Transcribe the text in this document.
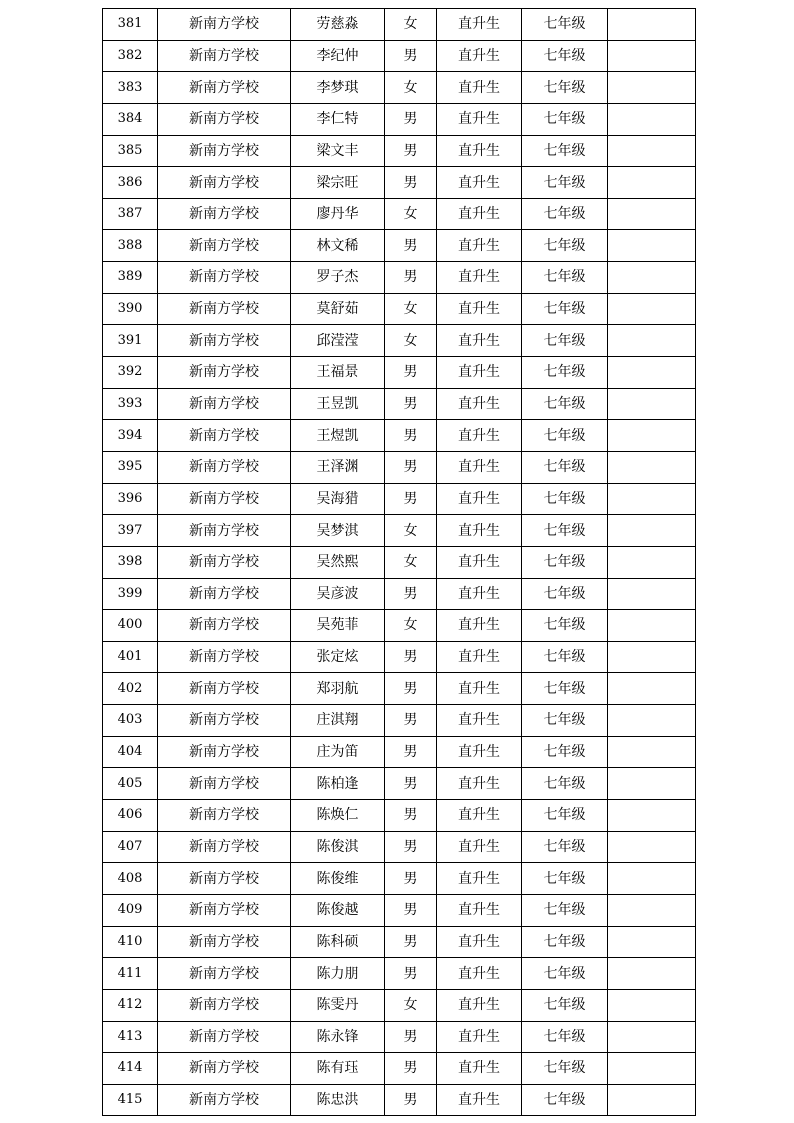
381	新南方学校	劳慈淼	女	直升生	七年级	
382	新南方学校	李纪仲	男	直升生	七年级	
383	新南方学校	李梦琪	女	直升生	七年级	
384	新南方学校	李仁特	男	直升生	七年级	
385	新南方学校	梁文丰	男	直升生	七年级	
386	新南方学校	梁宗旺	男	直升生	七年级	
387	新南方学校	廖丹华	女	直升生	七年级	
388	新南方学校	林文稀	男	直升生	七年级	
389	新南方学校	罗子杰	男	直升生	七年级	
390	新南方学校	莫舒茹	女	直升生	七年级	
391	新南方学校	邱滢滢	女	直升生	七年级	
392	新南方学校	王福景	男	直升生	七年级	
393	新南方学校	王昱凯	男	直升生	七年级	
394	新南方学校	王煜凯	男	直升生	七年级	
395	新南方学校	王泽渊	男	直升生	七年级	
396	新南方学校	吴海猎	男	直升生	七年级	
397	新南方学校	吴梦淇	女	直升生	七年级	
398	新南方学校	吴然熙	女	直升生	七年级	
399	新南方学校	吴彦波	男	直升生	七年级	
400	新南方学校	吴苑菲	女	直升生	七年级	
401	新南方学校	张定炫	男	直升生	七年级	
402	新南方学校	郑羽航	男	直升生	七年级	
403	新南方学校	庄淇翔	男	直升生	七年级	
404	新南方学校	庄为笛	男	直升生	七年级	
405	新南方学校	陈柏逢	男	直升生	七年级	
406	新南方学校	陈焕仁	男	直升生	七年级	
407	新南方学校	陈俊淇	男	直升生	七年级	
408	新南方学校	陈俊维	男	直升生	七年级	
409	新南方学校	陈俊越	男	直升生	七年级	
410	新南方学校	陈科硕	男	直升生	七年级	
411	新南方学校	陈力朋	男	直升生	七年级	
412	新南方学校	陈雯丹	女	直升生	七年级	
413	新南方学校	陈永锋	男	直升生	七年级	
414	新南方学校	陈有珏	男	直升生	七年级	
415	新南方学校	陈忠洪	男	直升生	七年级	
